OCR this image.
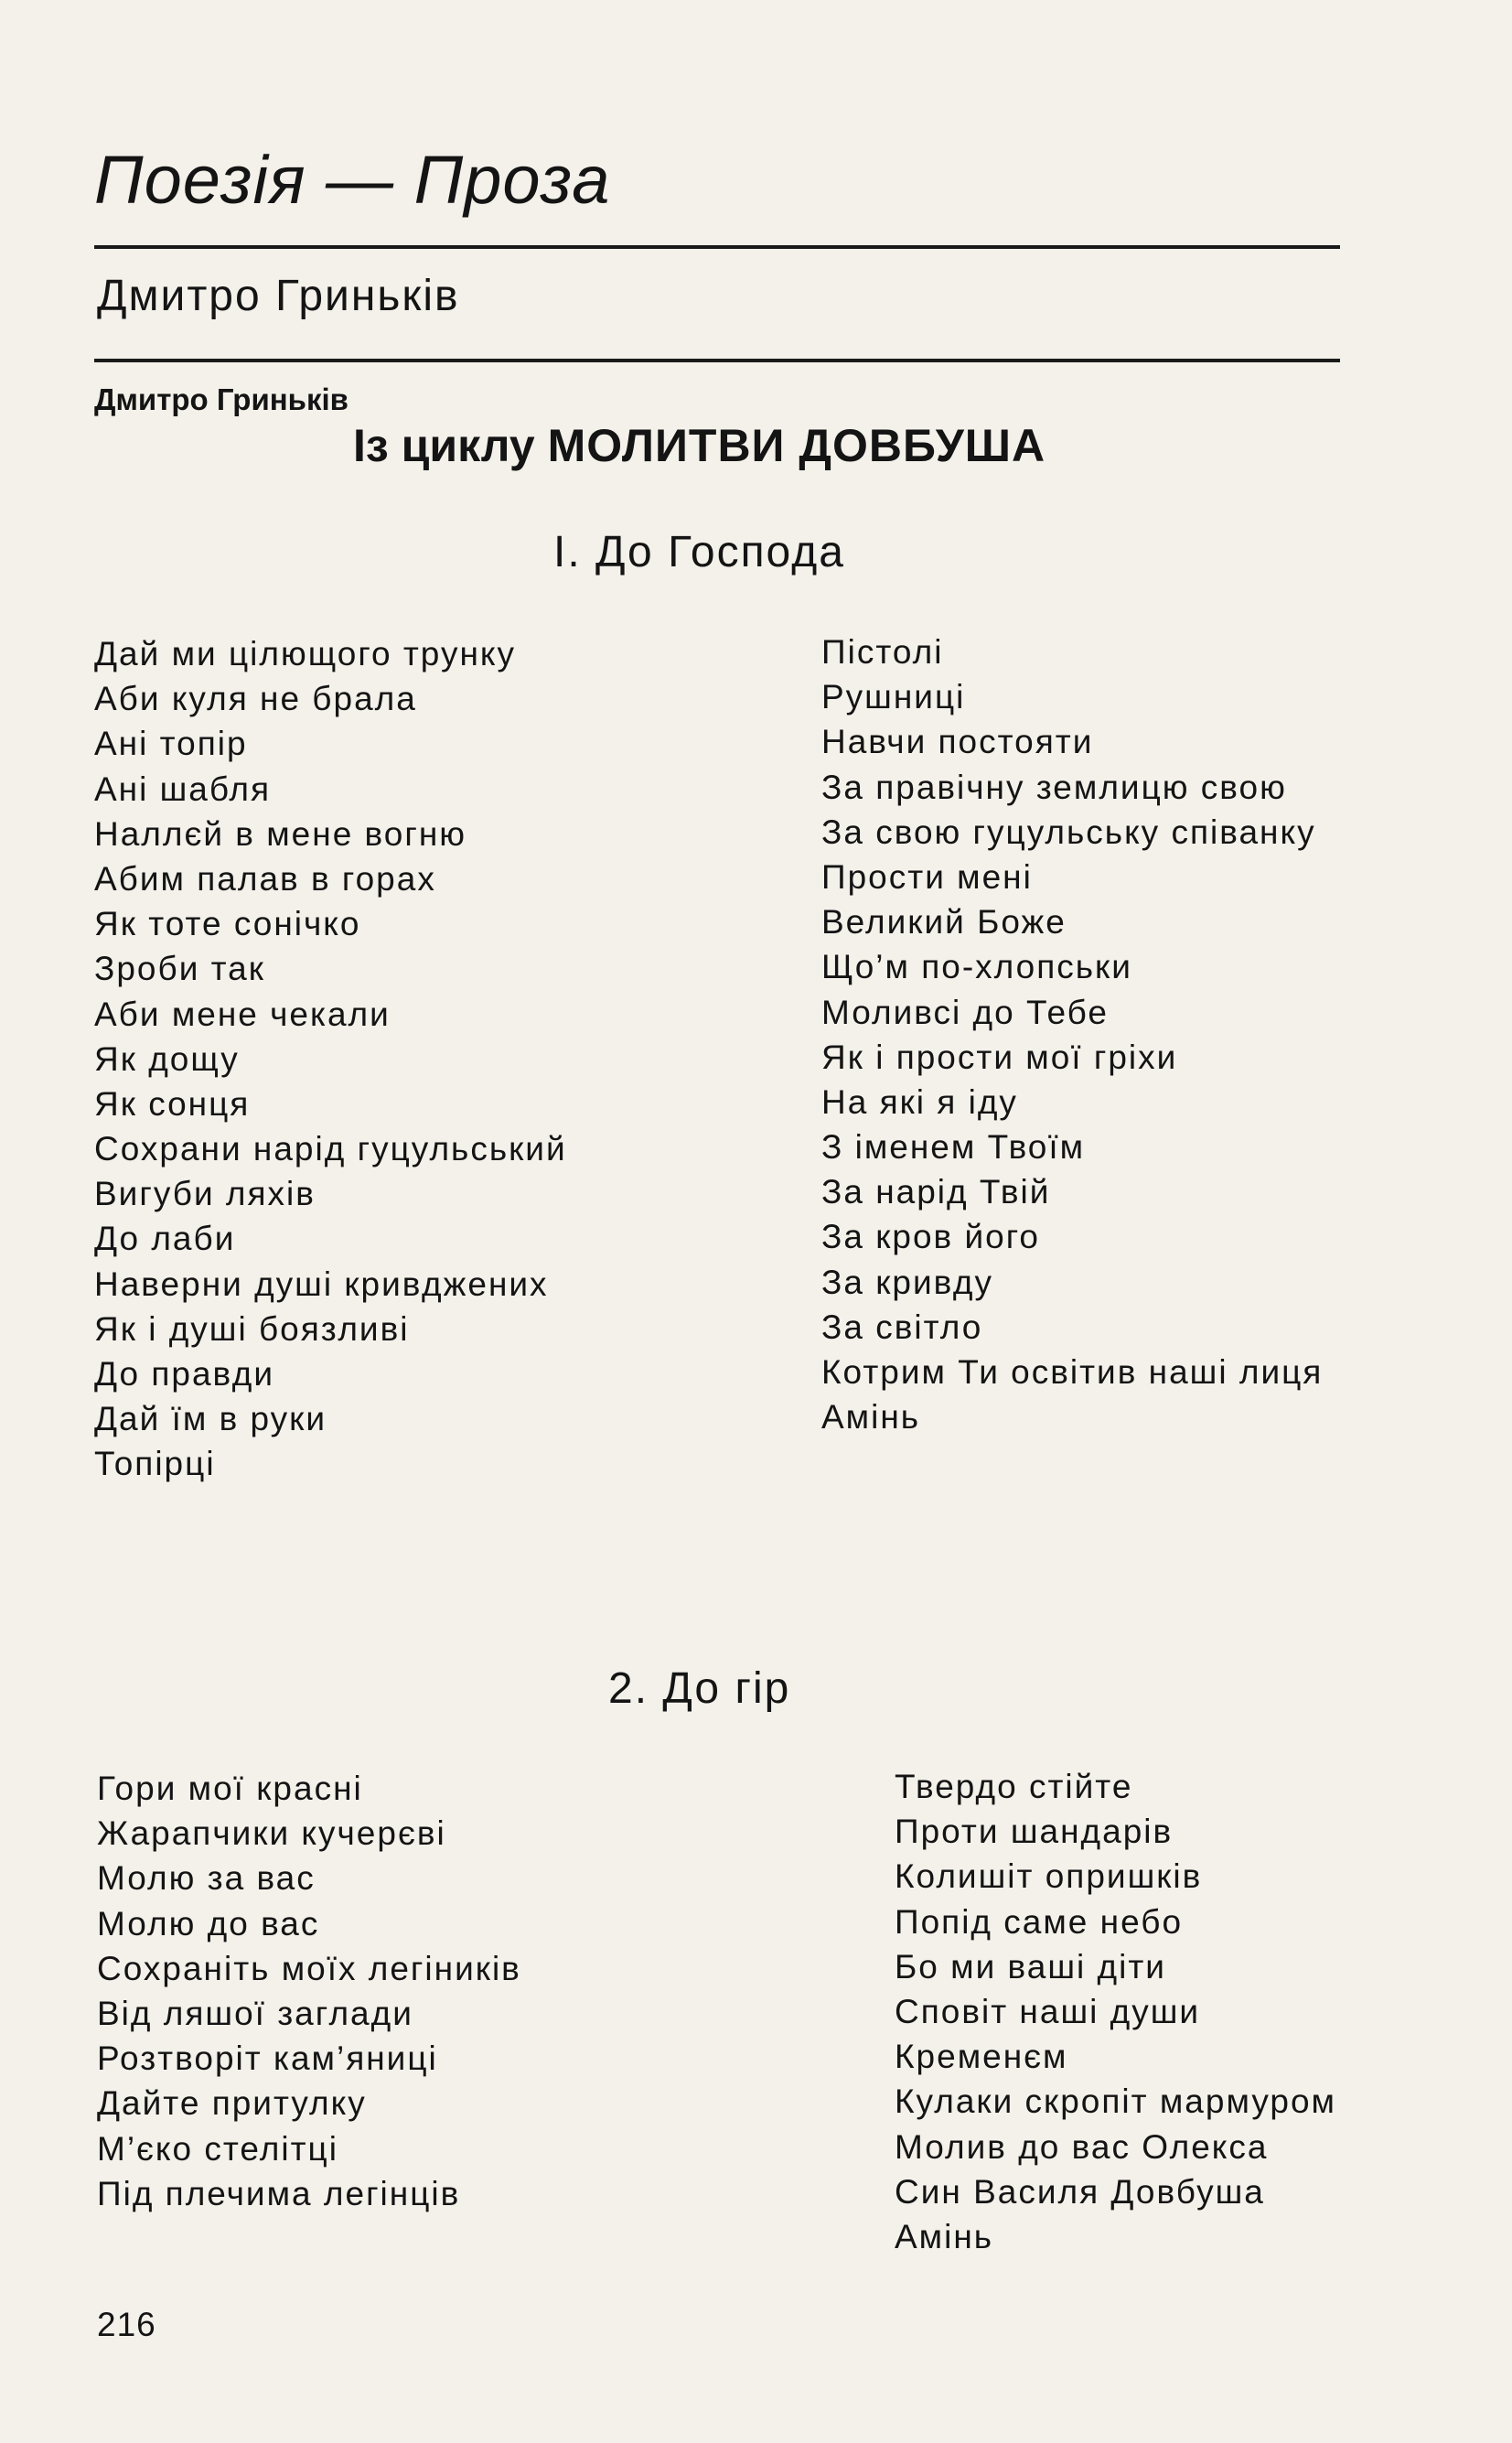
Поезія — Проза
Дмитро Гриньків
Дмитро Гриньків
Із циклу МОЛИТВИ ДОВБУША
І. До Господа
Дай ми цілющого трунку
Аби куля не брала
Ані топір
Ані шабля
Наллєй в мене вогню
Абим палав в горах
Як тоте сонічко
Зроби так
Аби мене чекали
Як дощу
Як сонця
Сохрани нарід гуцульський
Вигуби ляхів
До лаби
Наверни душі кривджених
Як і душі боязливі
До правди
Дай їм в руки
Топірці
Пістолі
Рушниці
Навчи постояти
За правічну землицю свою
За свою гуцульську співанку
Прости мені
Великий Боже
Що’м по-хлопськи
Моливсі до Тебе
Як і прости мої гріхи
На які я іду
З іменем Твоїм
За нарід Твій
За кров його
За кривду
За світло
Котрим Ти освітив наші лиця
Амінь
2. До гір
Гори мої красні
Жарапчики кучерєві
Молю за вас
Молю до вас
Сохраніть моїх легіників
Від ляшої заглади
Розтворіт кам’яниці
Дайте притулку
М’єко стелітці
Під плечима легінців
Твердо стійте
Проти шандарів
Колишіт опришків
Попід саме небо
Бо ми ваші діти
Сповіт наші души
Кременєм
Кулаки скропіт мармуром
Молив до вас Олекса
Син Василя Довбуша
Амінь
216
